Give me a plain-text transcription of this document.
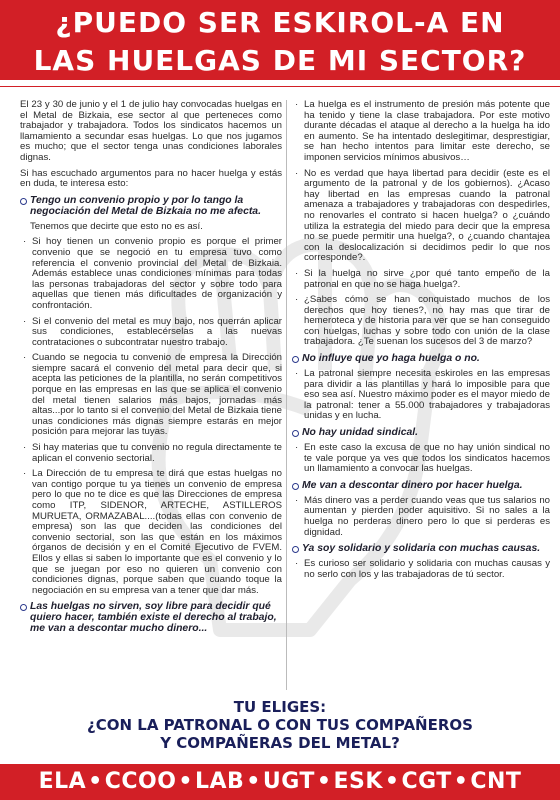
¿PUEDO SER ESKIROL-A EN
LAS HUELGAS DE MI SECTOR?

El 23 y 30 de junio y el 1 de julio hay convocadas huelgas en el Metal de Bizkaia, ese sector al que perteneces como trabajador y trabajadora. Todos los sindicatos hacemos un llamamiento a secundar esas huelgas. Lo que nos jugamos es mucho; que el sector tenga unas condiciones laborales dignas.

Si has escuchado argumentos para no hacer huelga y estás en duda, te interesa esto:

Tengo un convenio propio y por lo tango la negociación del Metal de Bizkaia no me afecta.

Tenemos que decirte que esto no es así.

· Si hoy tienen un convenio propio es porque el primer convenio que se negoció en tu empresa tuvo como referencia el convenio provincial del Metal de Bizkaia. Además establece unas condiciones mínimas para todas las personas trabajadoras del sector y sobre todo para aquellas que tienen más dificultades de organización y confrontación.

· Si el convenio del metal es muy bajo, nos querrán aplicar sus condiciones, establecérselas a las nuevas contrataciones o subcontratar nuestro trabajo.

· Cuando se negocia tu convenio de empresa la Dirección siempre sacará el convenio del metal para decir que, si acepta las peticiones de la plantilla, no serán competitivos porque en las empresas en las que se aplica el convenio del metal tienen salarios más bajos, jornadas más altas...por lo tanto si el convenio del Metal de Bizkaia tiene unas condiciones más dignas siempre estarás en mejor posición para mejorar las tuyas.

· Si hay materias que tu convenio no regula directamente te aplican el convenio sectorial.

· La Dirección de tu empresa te dirá que estas huelgas no van contigo porque tu ya tienes un convenio de empresa pero lo que no te dice es que las Direcciones de empresa como ITP, SIDENOR, ARTECHE, ASTILLEROS MURUETA, ORMAZABAL....(todas ellas con convenio de empresa) son las que deciden las condiciones del convenio sectorial, son las que están en los máximos órganos de decisión y en el Comité Ejecutivo de FVEM. Ellos y ellas si saben lo importante que es el convenio y lo que se juegan por eso no quieren un convenio con condiciones dignas, porque saben que cuando toque la negociación en su empresa van a tener que dar más.

Las huelgas no sirven, soy libre para decidir qué quiero hacer, también existe el derecho al trabajo, me van a descontar mucho dinero...

· La huelga es el instrumento de presión más potente que ha tenido y tiene la clase trabajadora. Por este motivo durante décadas el ataque al derecho a la huelga ha ido en aumento. Se ha intentado deslegitimar, desprestigiar, se han hecho intentos para limitar este derecho, se imponen servicios mínimos abusivos…

· No es verdad que haya libertad para decidir (este es el argumento de la patronal y de los gobiernos). ¿Acaso hay libertad en las empresas cuando la patronal amenaza a trabajadores y trabajadoras con despedirles, no renovarles el contrato si hacen huelga? o ¿cuándo utiliza la estrategia del miedo para decir que la empresa no se puede permitir una huelga?, o ¿cuando chantajea con la deslocalización si decidimos pedir lo que nos corresponde?.

· Si la huelga no sirve ¿por qué tanto empeño de la patronal en que no se haga huelga?.

· ¿Sabes cómo se han conquistado muchos de los derechos que hoy tienes?, no hay mas que tirar de hemeroteca y de historia para ver que se han conseguido con huelgas, luchas y sobre todo con unión de la clase trabajadora. ¿Te suenan los sucesos del 3 de marzo?

No influye que yo haga huelga o no.

· La patronal siempre necesita eskiroles en las empresas para dividir a las plantillas y hará lo imposible para que eso sea así. Nuestro máximo poder es el mayor miedo de la patronal: tener a 55.000 trabajadores y trabajadoras unidas y en lucha.

No hay unidad sindical.

· En este caso la excusa de que no hay unión sindical no te vale porque ya ves que todos los sindicatos hacemos un llamamiento a convocar las huelgas.

Me van a descontar dinero por hacer huelga.

· Más dinero vas a perder cuando veas que tus salarios no aumentan y pierden poder aquisitivo. Si no sales a la huelga no perderas dinero pero lo que si perderas es dignidad.

Ya soy solidario y solidaria con muchas causas.

· Es curioso ser solidario y solidaria con muchas causas y no serlo con los y las trabajadoras de tú sector.

TU ELIGES:
¿CON LA PATRONAL O CON TUS COMPAÑEROS
Y COMPAÑERAS DEL METAL?
ELA•CCOO•LAB•UGT•ESK•CGT•CNT
